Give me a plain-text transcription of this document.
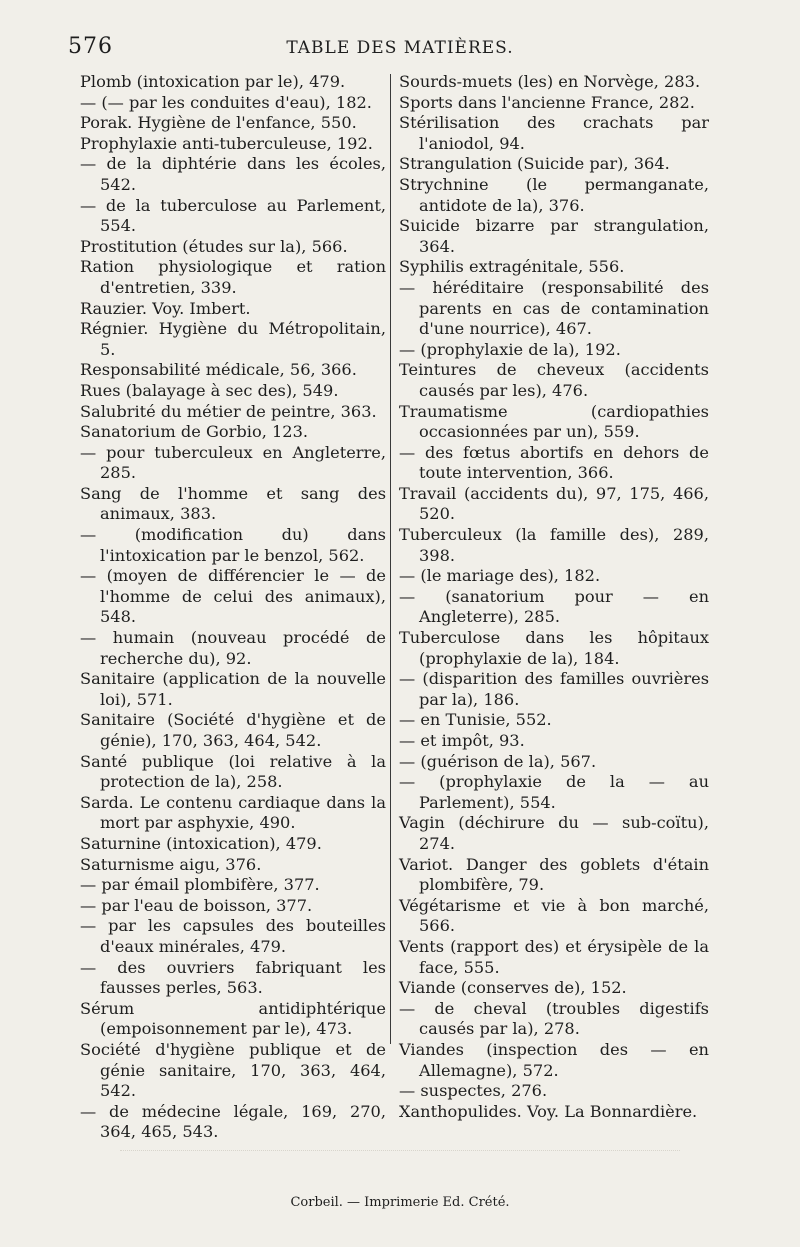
576	TABLE DES MATIÈRES.

Plomb (intoxication par le), 479.

— (— par les conduites d'eau), 182.

Porak. Hygiène de l'enfance, 550.

Prophylaxie anti-tuberculeuse, 192.

— de la diphtérie dans les écoles, 542.

— de la tuberculose au Parlement, 554.

Prostitution (études sur la), 566.

Ration physiologique et ration d'entretien, 339.

Rauzier. Voy. Imbert.

Régnier. Hygiène du Métropolitain, 5.

Responsabilité médicale, 56, 366.

Rues (balayage à sec des), 549.

Salubrité du métier de peintre, 363.

Sanatorium de Gorbio, 123.

— pour tuberculeux en Angleterre, 285.

Sang de l'homme et sang des animaux, 383.

— (modification du) dans l'intoxication par le benzol, 562.

— (moyen de différencier le — de l'homme de celui des animaux), 548.

— humain (nouveau procédé de recherche du), 92.

Sanitaire (application de la nouvelle loi), 571.

Sanitaire (Société d'hygiène et de génie), 170, 363, 464, 542.

Santé publique (loi relative à la protection de la), 258.

Sarda. Le contenu cardiaque dans la mort par asphyxie, 490.

Saturnine (intoxication), 479.

Saturnisme aigu, 376.

— par émail plombifère, 377.

— par l'eau de boisson, 377.

— par les capsules des bouteilles d'eaux minérales, 479.

— des ouvriers fabriquant les fausses perles, 563.

Sérum antidiphtérique (empoisonnement par le), 473.

Société d'hygiène publique et de génie sanitaire, 170, 363, 464, 542.

— de médecine légale, 169, 270, 364, 465, 543.

Sourds-muets (les) en Norvège, 283.

Sports dans l'ancienne France, 282.

Stérilisation des crachats par l'aniodol, 94.

Strangulation (Suicide par), 364.

Strychnine (le permanganate, antidote de la), 376.

Suicide bizarre par strangulation, 364.

Syphilis extragénitale, 556.

— héréditaire (responsabilité des parents en cas de contamination d'une nourrice), 467.

— (prophylaxie de la), 192.

Teintures de cheveux (accidents causés par les), 476.

Traumatisme (cardiopathies occasionnées par un), 559.

— des fœtus abortifs en dehors de toute intervention, 366.

Travail (accidents du), 97, 175, 466, 520.

Tuberculeux (la famille des), 289, 398.

— (le mariage des), 182.

— (sanatorium pour — en Angleterre), 285.

Tuberculose dans les hôpitaux (prophylaxie de la), 184.

— (disparition des familles ouvrières par la), 186.

— en Tunisie, 552.

— et impôt, 93.

— (guérison de la), 567.

— (prophylaxie de la — au Parlement), 554.

Vagin (déchirure du — sub-coïtu), 274.

Variot. Danger des goblets d'étain plombifère, 79.

Végétarisme et vie à bon marché, 566.

Vents (rapport des) et érysipèle de la face, 555.

Viande (conserves de), 152.

— de cheval (troubles digestifs causés par la), 278.

Viandes (inspection des — en Allemagne), 572.

— suspectes, 276.

Xanthopulides. Voy. La Bonnardière.

Corbeil. — Imprimerie Ed. Crété.
